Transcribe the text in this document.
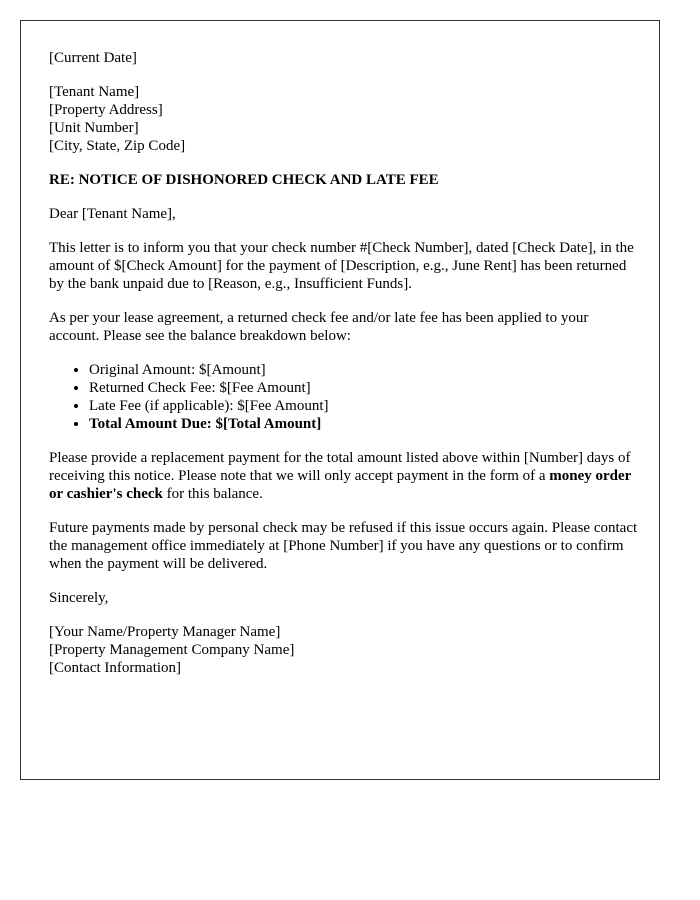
[Current Date]

[Tenant Name]
[Property Address]
[Unit Number]
[City, State, Zip Code]

RE: NOTICE OF DISHONORED CHECK AND LATE FEE

Dear [Tenant Name],

This letter is to inform you that your check number #[Check Number], dated [Check Date], in the amount of $[Check Amount] for the payment of [Description, e.g., June Rent] has been returned by the bank unpaid due to [Reason, e.g., Insufficient Funds].

As per your lease agreement, a returned check fee and/or late fee has been applied to your account. Please see the balance breakdown below:

• Original Amount: $[Amount]
• Returned Check Fee: $[Fee Amount]
• Late Fee (if applicable): $[Fee Amount]
• Total Amount Due: $[Total Amount]

Please provide a replacement payment for the total amount listed above within [Number] days of receiving this notice. Please note that we will only accept payment in the form of a money order or cashier's check for this balance.

Future payments made by personal check may be refused if this issue occurs again. Please contact the management office immediately at [Phone Number] if you have any questions or to confirm when the payment will be delivered.

Sincerely,

[Your Name/Property Manager Name]
[Property Management Company Name]
[Contact Information]
